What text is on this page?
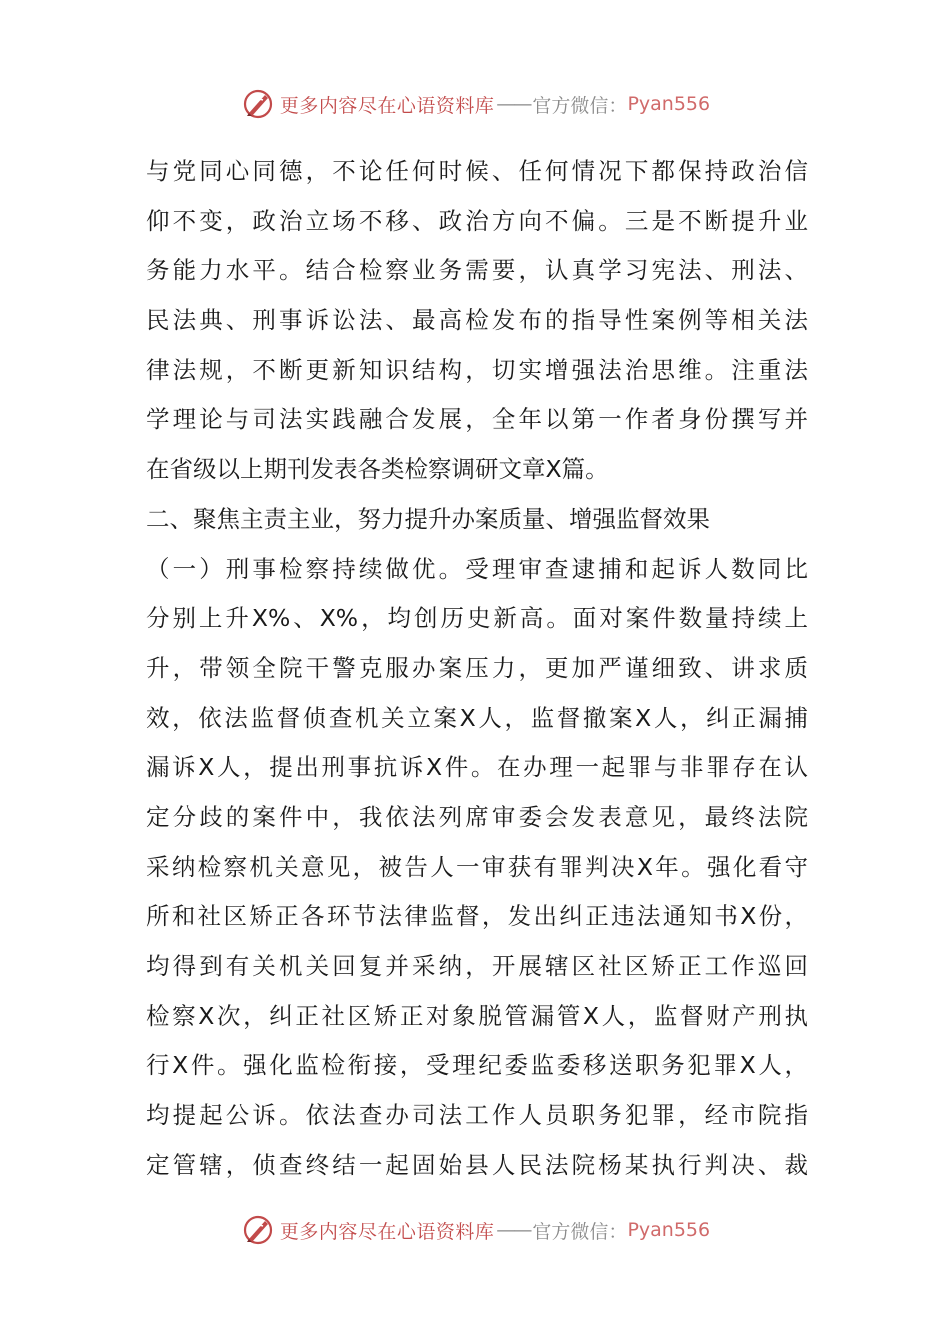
更多内容尽在心语资料库 —— 官方微信： Pyan556
与党同心同德，不论任何时候、任何情况下都保持政治信
仰不变，政治立场不移、政治方向不偏。三是不断提升业
务能力水平。结合检察业务需要，认真学习宪法、刑法、
民法典、刑事诉讼法、最高检发布的指导性案例等相关法
律法规，不断更新知识结构，切实增强法治思维。注重法
学理论与司法实践融合发展，全年以第一作者身份撰写并
在省级以上期刊发表各类检察调研文章X篇。
二、聚焦主责主业，努力提升办案质量、增强监督效果
（一）刑事检察持续做优。受理审查逮捕和起诉人数同比
分别上升X%、X%，均创历史新高。面对案件数量持续上
升，带领全院干警克服办案压力，更加严谨细致、讲求质
效，依法监督侦查机关立案X人，监督撤案X人，纠正漏捕
漏诉X人，提出刑事抗诉X件。在办理一起罪与非罪存在认
定分歧的案件中，我依法列席审委会发表意见，最终法院
采纳检察机关意见，被告人一审获有罪判决X年。强化看守
所和社区矫正各环节法律监督，发出纠正违法通知书X份，
均得到有关机关回复并采纳，开展辖区社区矫正工作巡回
检察X次，纠正社区矫正对象脱管漏管X人，监督财产刑执
行X件。强化监检衔接，受理纪委监委移送职务犯罪X人，
均提起公诉。依法查办司法工作人员职务犯罪，经市院指
定管辖，侦查终结一起固始县人民法院杨某执行判决、裁
更多内容尽在心语资料库 —— 官方微信： Pyan556
